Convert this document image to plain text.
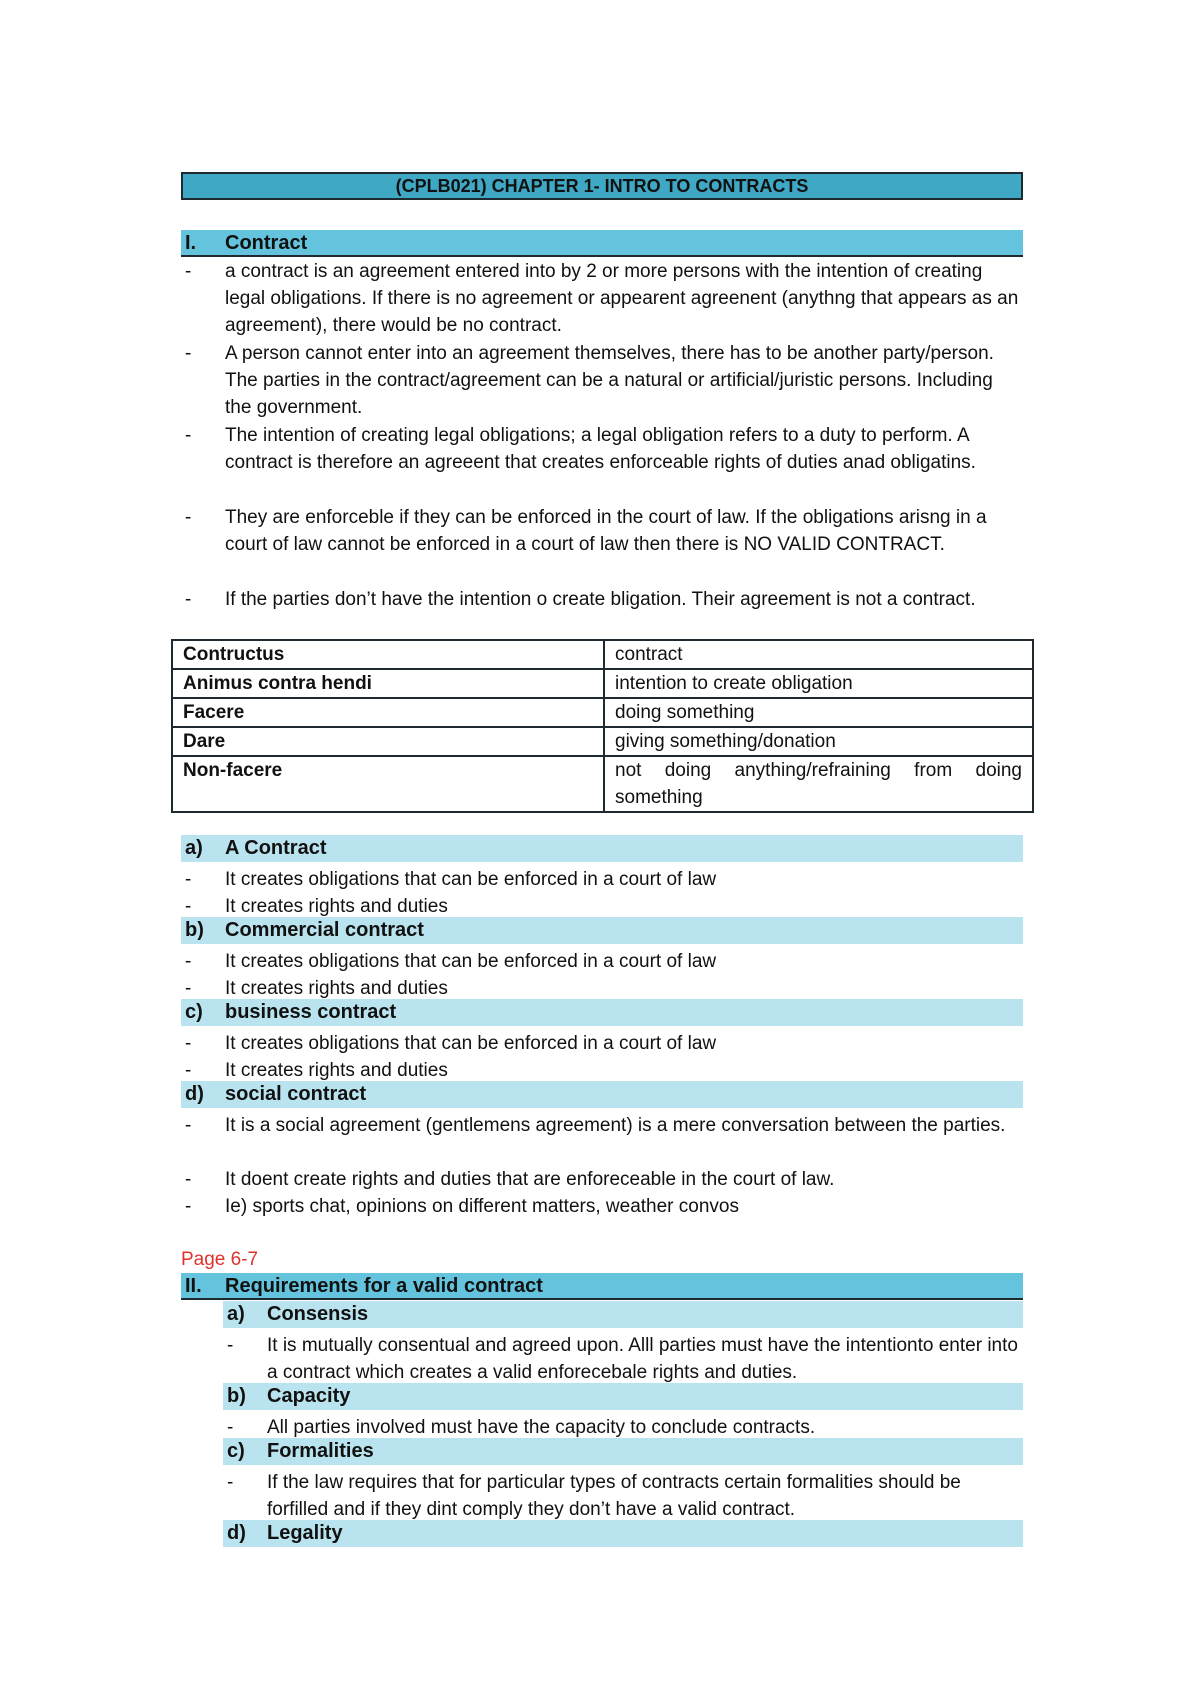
(CPLB021) CHAPTER 1- INTRO TO CONTRACTS
I. Contract
- a contract is an agreement entered into by 2 or more persons with the intention of creating legal obligations. If there is no agreement or appearent agreenent (anythng that appears as an agreement), there would be no contract.
- A person cannot enter into an agreement themselves, there has to be another party/person. The parties in the contract/agreement can be a natural or artificial/juristic persons. Including the government.
- The intention of creating legal obligations; a legal obligation refers to a duty to perform. A contract is therefore an agreeent that creates enforceable rights of duties anad obligatins.
- They are enforceble if they can be enforced in the court of law. If the obligations arisng in a court of law cannot be enforced in a court of law then there is NO VALID CONTRACT.
- If the parties don’t have the intention o create bligation. Their agreement is not a contract.
Contructus	contract
Animus contra hendi	intention to create obligation
Facere	doing something
Dare	giving something/donation
Non-facere	not doing anything/refraining from doing something
a) A Contract
- It creates obligations that can be enforced in a court of law
- It creates rights and duties
b) Commercial contract
- It creates obligations that can be enforced in a court of law
- It creates rights and duties
c) business contract
- It creates obligations that can be enforced in a court of law
- It creates rights and duties
d) social contract
- It is a social agreement (gentlemens agreement) is a mere conversation between the parties.
- It doent create rights and duties that are enforeceable in the court of law.
- Ie) sports chat, opinions on different matters, weather convos
Page 6-7
II. Requirements for a valid contract
a) Consensis
- It is mutually consentual and agreed upon. Alll parties must have the intentionto enter into a contract which creates a valid enforecebale rights and duties.
b) Capacity
- All parties involved must have the capacity to conclude contracts.
c) Formalities
- If the law requires that for particular types of contracts certain formalities should be forfilled and if they dint comply they don’t have a valid contract.
d) Legality
